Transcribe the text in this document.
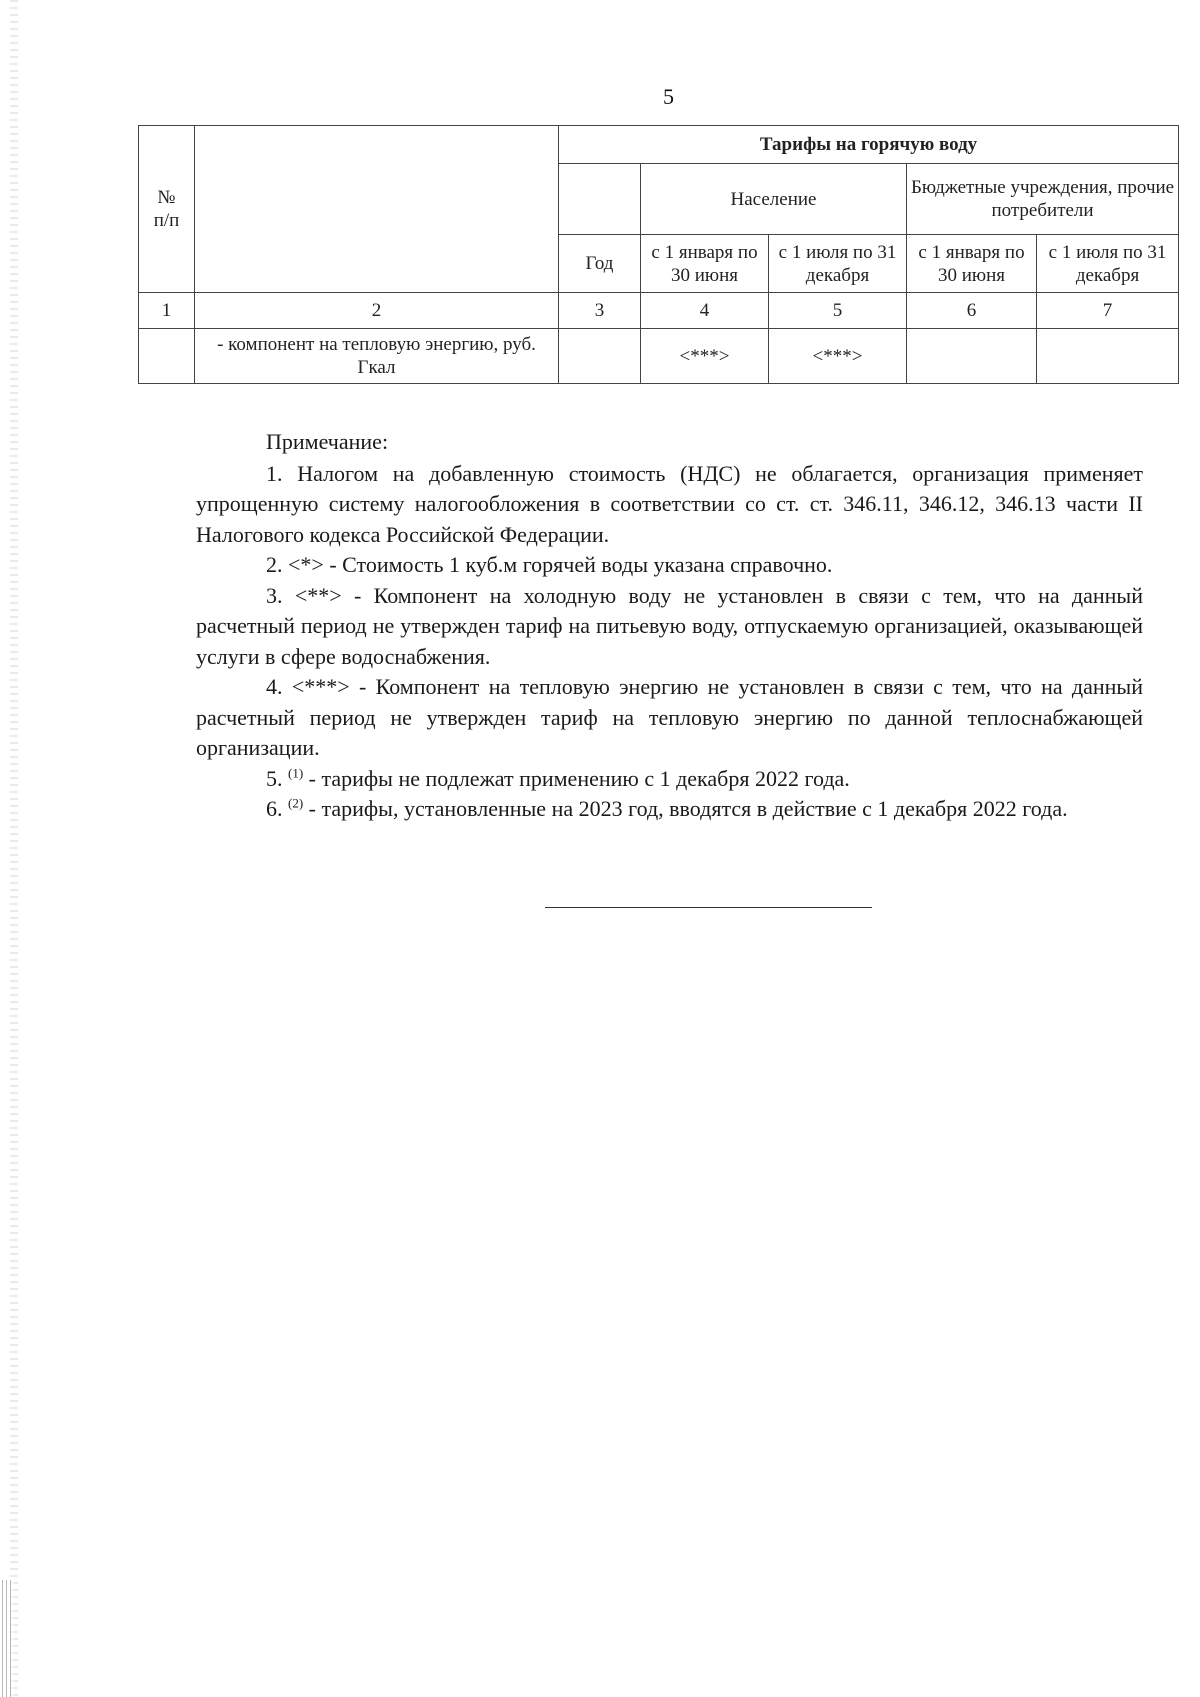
5
№
п/п		Тарифы на горячую воду				
			Население		Бюджетные учреждения, прочие потребители	
		Год	с 1 января по 30 июня	с 1 июля по 31 декабря	с 1 января по 30 июня	с 1 июля по 31 декабря
1	2	3	4	5	6	7
	- компонент на тепловую энергию, руб. Гкал		<***>	<***>		

Примечание:

1. Налогом на добавленную стоимость (НДС) не облагается, организация применяет упрощенную систему налогообложения в соответствии со ст. ст. 346.11, 346.12, 346.13 части II Налогового кодекса Российской Федерации.

2. <*> - Стоимость 1 куб.м горячей воды указана справочно.

3. <**> - Компонент на холодную воду не установлен в связи с тем, что на данный расчетный период не утвержден тариф на питьевую воду, отпускаемую организацией, оказывающей услуги в сфере водоснабжения.

4. <***> - Компонент на тепловую энергию не установлен в связи с тем, что на данный расчетный период не утвержден тариф на тепловую энергию по данной теплоснабжающей организации.

5. $^{(1)}$ - тарифы не подлежат применению с 1 декабря 2022 года.

6. $^{(2)}$ - тарифы, установленные на 2023 год, вводятся в действие с 1 декабря 2022 года.
